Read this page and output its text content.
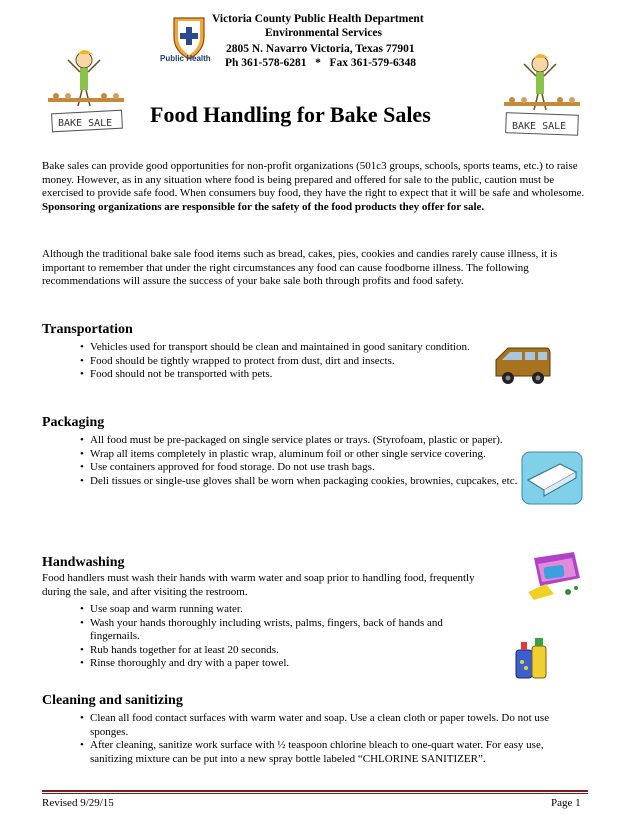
Public Health
Victoria County Public Health Department
Environmental Services
2805 N. Navarro Victoria, Texas 77901
Ph 361-578-6281   *   Fax 361-579-6348
BAKE SALE	BAKE SALE
Food Handling for Bake Sales
Bake sales can provide good opportunities for non-profit organizations (501c3 groups, schools, sports teams, etc.) to raise money. However, as in any situation where food is being prepared and offered for sale to the public, caution must be exercised to provide safe food. When consumers buy food, they have the right to expect that it will be safe and wholesome. Sponsoring organizations are responsible for the safety of the food products they offer for sale.
Although the traditional bake sale food items such as bread, cakes, pies, cookies and candies rarely cause illness, it is important to remember that under the right circumstances any food can cause foodborne illness. The following recommendations will assure the success of your bake sale both through profits and food safety.
Transportation
• Vehicles used for transport should be clean and maintained in good sanitary condition.
• Food should be tightly wrapped to protect from dust, dirt and insects.
• Food should not be transported with pets.
Packaging
• All food must be pre-packaged on single service plates or trays. (Styrofoam, plastic or paper).
• Wrap all items completely in plastic wrap, aluminum foil or other single service covering.
• Use containers approved for food storage. Do not use trash bags.
• Deli tissues or single-use gloves shall be worn when packaging cookies, brownies, cupcakes, etc.
Handwashing
Food handlers must wash their hands with warm water and soap prior to handling food, frequently during the sale, and after visiting the restroom.
• Use soap and warm running water.
• Wash your hands thoroughly including wrists, palms, fingers, back of hands and fingernails.
• Rub hands together for at least 20 seconds.
• Rinse thoroughly and dry with a paper towel.
Cleaning and sanitizing
• Clean all food contact surfaces with warm water and soap. Use a clean cloth or paper towels. Do not use sponges.
• After cleaning, sanitize work surface with ½ teaspoon chlorine bleach to one-quart water. For easy use, sanitizing mixture can be put into a new spray bottle labeled “CHLORINE SANITIZER”.
Revised 9/29/15	Page 1
